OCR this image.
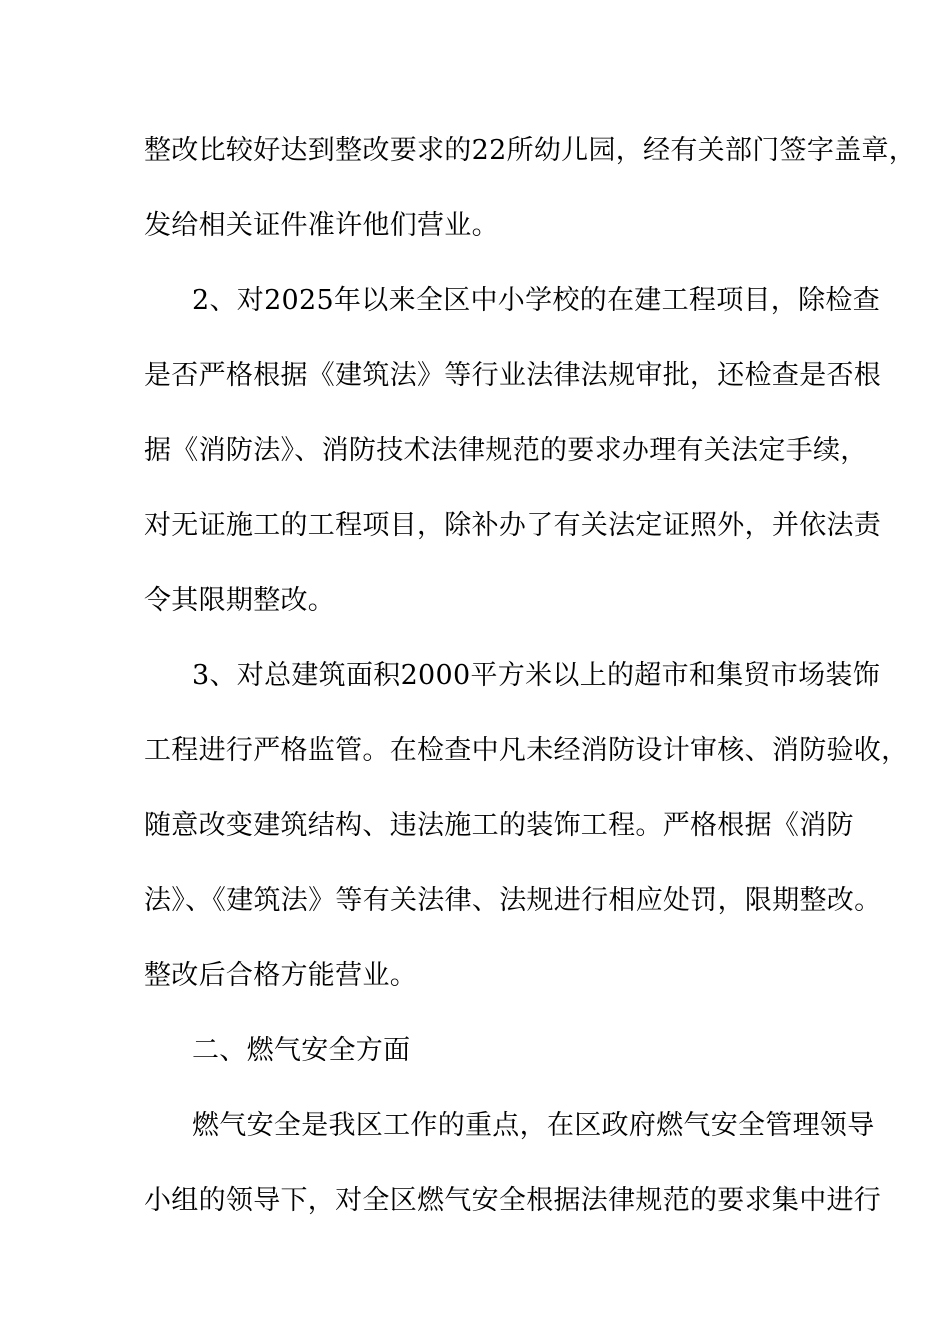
整改比较好达到整改要求的22所幼儿园，经有关部门签字盖章，
发给相关证件准许他们营业。
2、对2025年以来全区中小学校的在建工程项目，除检查
是否严格根据《建筑法》等行业法律法规审批，还检查是否根
据《消防法》、消防技术法律规范的要求办理有关法定手续，
对无证施工的工程项目，除补办了有关法定证照外，并依法责
令其限期整改。
3、对总建筑面积2000平方米以上的超市和集贸市场装饰
工程进行严格监管。在检查中凡未经消防设计审核、消防验收，
随意改变建筑结构、违法施工的装饰工程。严格根据《消防
法》、《建筑法》等有关法律、法规进行相应处罚，限期整改。
整改后合格方能营业。
二、燃气安全方面
燃气安全是我区工作的重点，在区政府燃气安全管理领导
小组的领导下，对全区燃气安全根据法律规范的要求集中进行
